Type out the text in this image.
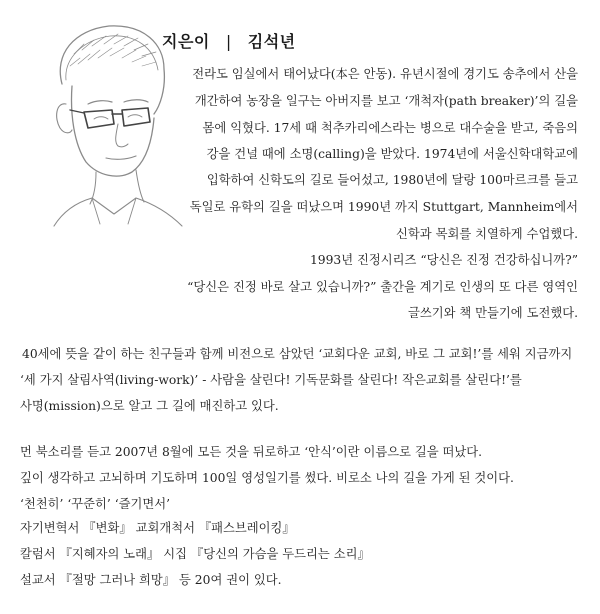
지은이 | 김석년
전라도 임실에서 태어났다(本은 안동). 유년시절에 경기도 송추에서 산을
개간하여 농장을 일구는 아버지를 보고 ‘개척자(path breaker)’의 길을
몸에 익혔다. 17세 때 척추카리에스라는 병으로 대수술을 받고, 죽음의
강을 건널 때에 소명(calling)을 받았다. 1974년에 서울신학대학교에
입학하여 신학도의 길로 들어섰고, 1980년에 달랑 100마르크를 들고
독일로 유학의 길을 떠났으며 1990년 까지 Stuttgart, Mannheim에서
신학과 목회를 치열하게 수업했다.
1993년 진정시리즈 “당신은 진정 건강하십니까?”
“당신은 진정 바로 살고 있습니까?” 출간을 계기로 인생의 또 다른 영역인
글쓰기와 책 만들기에 도전했다.
40세에 뜻을 같이 하는 친구들과 함께 비전으로 삼았던 ‘교회다운 교회, 바로 그 교회!’를 세워 지금까지
‘세 가지 살림사역(living-work)’ - 사람을 살린다! 기독문화를 살린다! 작은교회를 살린다!’를
사명(mission)으로 알고 그 길에 매진하고 있다.
먼 북소리를 듣고 2007년 8월에 모든 것을 뒤로하고 ‘안식’이란 이름으로 길을 떠났다.
깊이 생각하고 고뇌하며 기도하며 100일 영성일기를 썼다. 비로소 나의 길을 가게 된 것이다.
‘천천히’ ‘꾸준히’ ‘즐기면서’
자기변혁서 『변화』 교회개척서 『패스브레이킹』
칼럼서 『지혜자의 노래』 시집 『당신의 가슴을 두드리는 소리』
설교서 『절망 그러나 희망』 등 20여 권이 있다.
